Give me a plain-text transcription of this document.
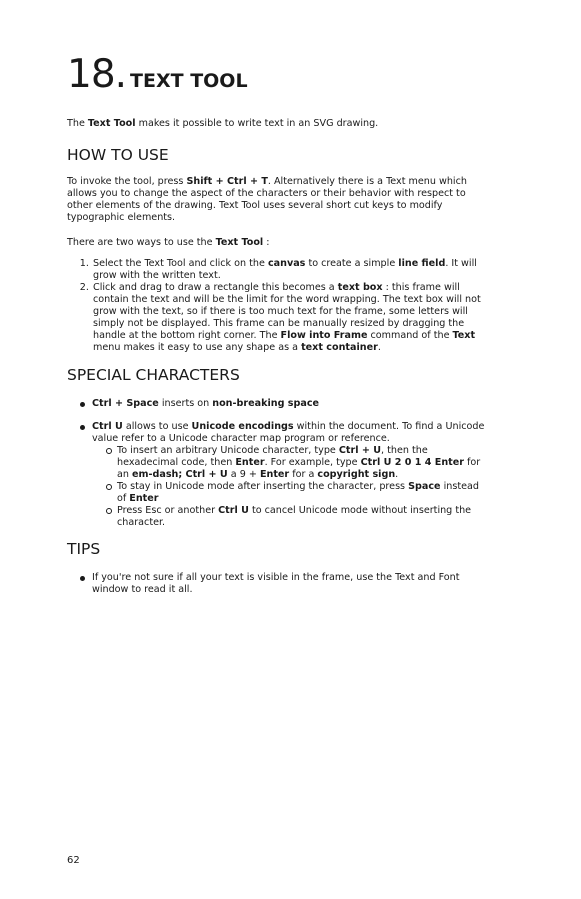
18. TEXT TOOL

The Text Tool makes it possible to write text in an SVG drawing.

HOW TO USE

To invoke the tool, press Shift + Ctrl + T. Alternatively there is a Text menu which allows you to change the aspect of the characters or their behavior with respect to other elements of the drawing. Text Tool uses several short cut keys to modify typographic elements.

There are two ways to use the Text Tool :

1. Select the Text Tool and click on the canvas to create a simple line field. It will grow with the written text.
2. Click and drag to draw a rectangle this becomes a text box : this frame will contain the text and will be the limit for the word wrapping. The text box will not grow with the text, so if there is too much text for the frame, some letters will simply not be displayed. This frame can be manually resized by dragging the handle at the bottom right corner. The Flow into Frame command of the Text menu makes it easy to use any shape as a text container.
SPECIAL CHARACTERS
Ctrl + Space inserts on non-breaking space
Ctrl U allows to use Unicode encodings within the document. To find a Unicode value refer to a Unicode character map program or reference.
To insert an arbitrary Unicode character, type Ctrl + U, then the hexadecimal code, then Enter. For example, type Ctrl U 2 0 1 4 Enter for an em-dash; Ctrl + U a 9 + Enter for a copyright sign.
To stay in Unicode mode after inserting the character, press Space instead of Enter
Press Esc or another Ctrl U to cancel Unicode mode without inserting the character.
TIPS
If you're not sure if all your text is visible in the frame, use the Text and Font window to read it all.
62
